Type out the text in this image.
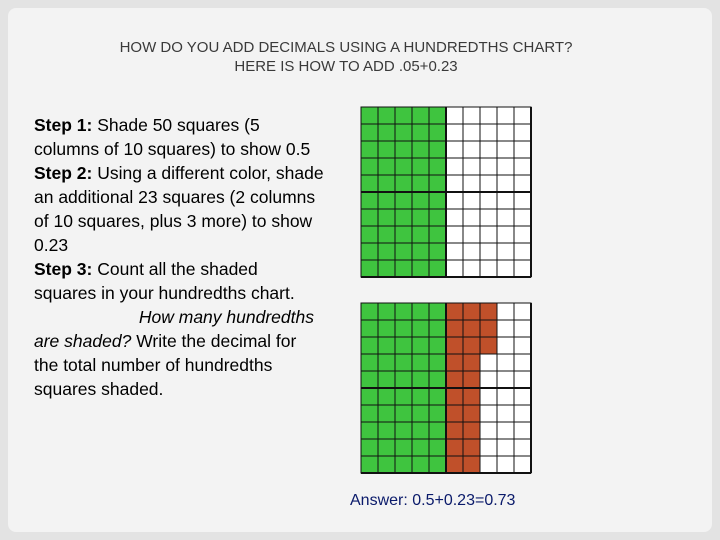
HOW DO YOU ADD DECIMALS USING A HUNDREDTHS CHART?
HERE IS HOW TO ADD .05+0.23

Step 1: Shade 50 squares (5 columns of 10 squares) to show 0.5

Step 2: Using a different color, shade an additional 23 squares (2 columns of 10 squares, plus 3 more) to show 0.23

Step 3: Count all the shaded squares in your hundredths chart.  How many hundredths are shaded? Write the decimal for the total number of hundredths squares shaded.

Answer: 0.5+0.23=0.73
